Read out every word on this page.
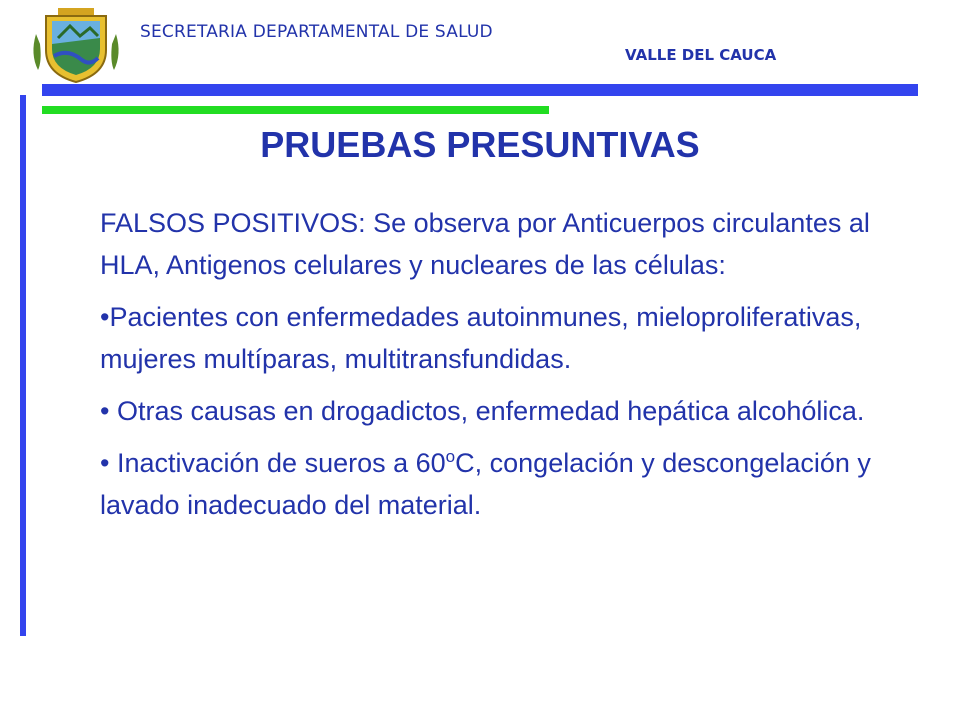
SECRETARIA DEPARTAMENTAL DE SALUD
VALLE DEL CAUCA
PRUEBAS PRESUNTIVAS

FALSOS POSITIVOS: Se observa por Anticuerpos circulantes al HLA, Antigenos celulares y nucleares de las células:

•Pacientes con enfermedades autoinmunes, mieloproliferativas, mujeres multíparas, multitransfundidas.

• Otras causas en drogadictos, enfermedad hepática alcohólica.

• Inactivación de sueros a 60$^o$C, congelación y descongelación y lavado inadecuado del material.
